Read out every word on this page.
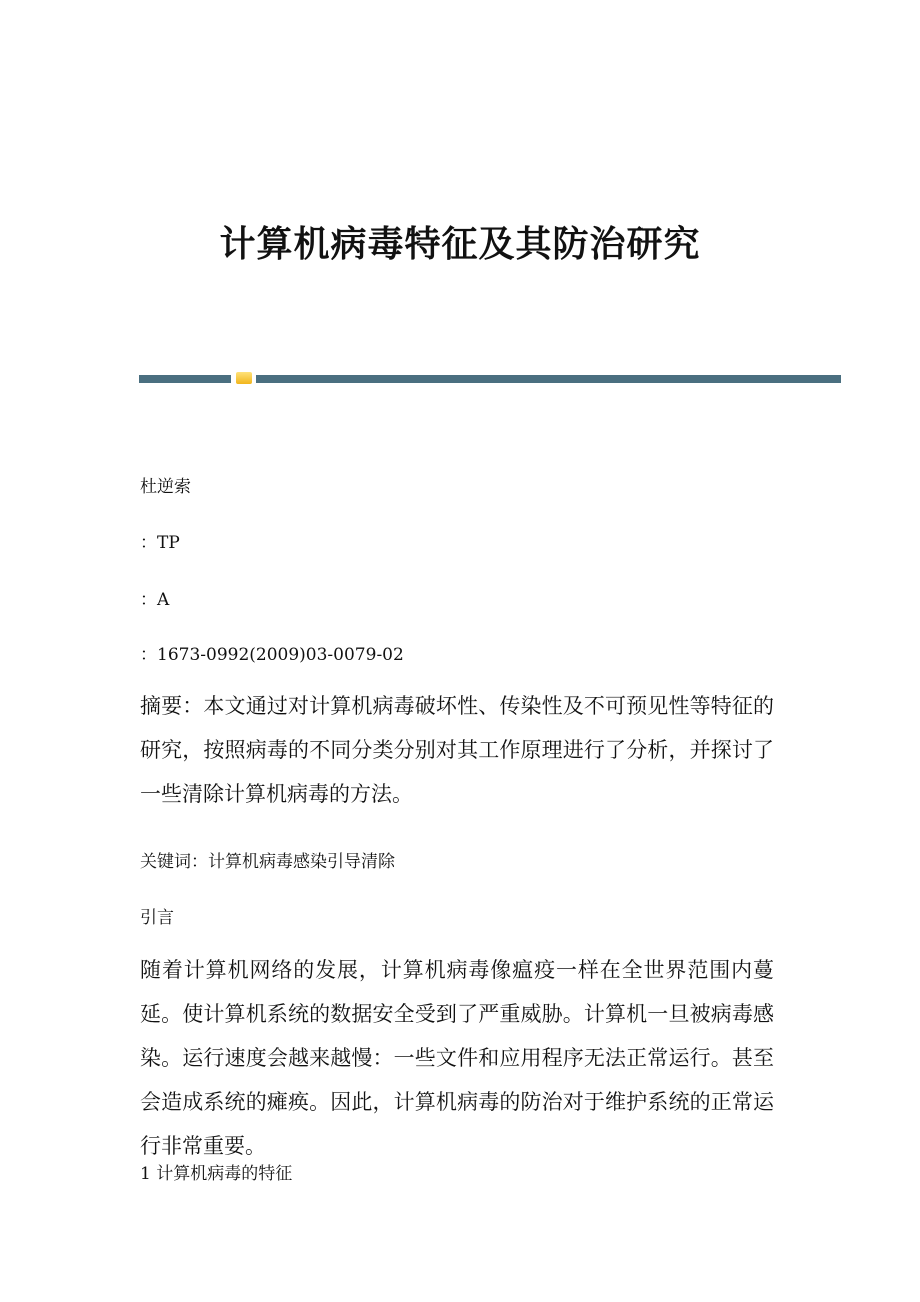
计算机病毒特征及其防治研究
杜逆索
：TP
：A
：1673-0992(2009)03-0079-02
摘要：本文通过对计算机病毒破坏性、传染性及不可预见性等特征的研究，按照病毒的不同分类分别对其工作原理进行了分析，并探讨了一些清除计算机病毒的方法。
关键词：计算机病毒感染引导清除
引言
随着计算机网络的发展，计算机病毒像瘟疫一样在全世界范围内蔓延。使计算机系统的数据安全受到了严重威胁。计算机一旦被病毒感染。运行速度会越来越慢：一些文件和应用程序无法正常运行。甚至会造成系统的瘫痪。因此，计算机病毒的防治对于维护系统的正常运行非常重要。
1 计算机病毒的特征
